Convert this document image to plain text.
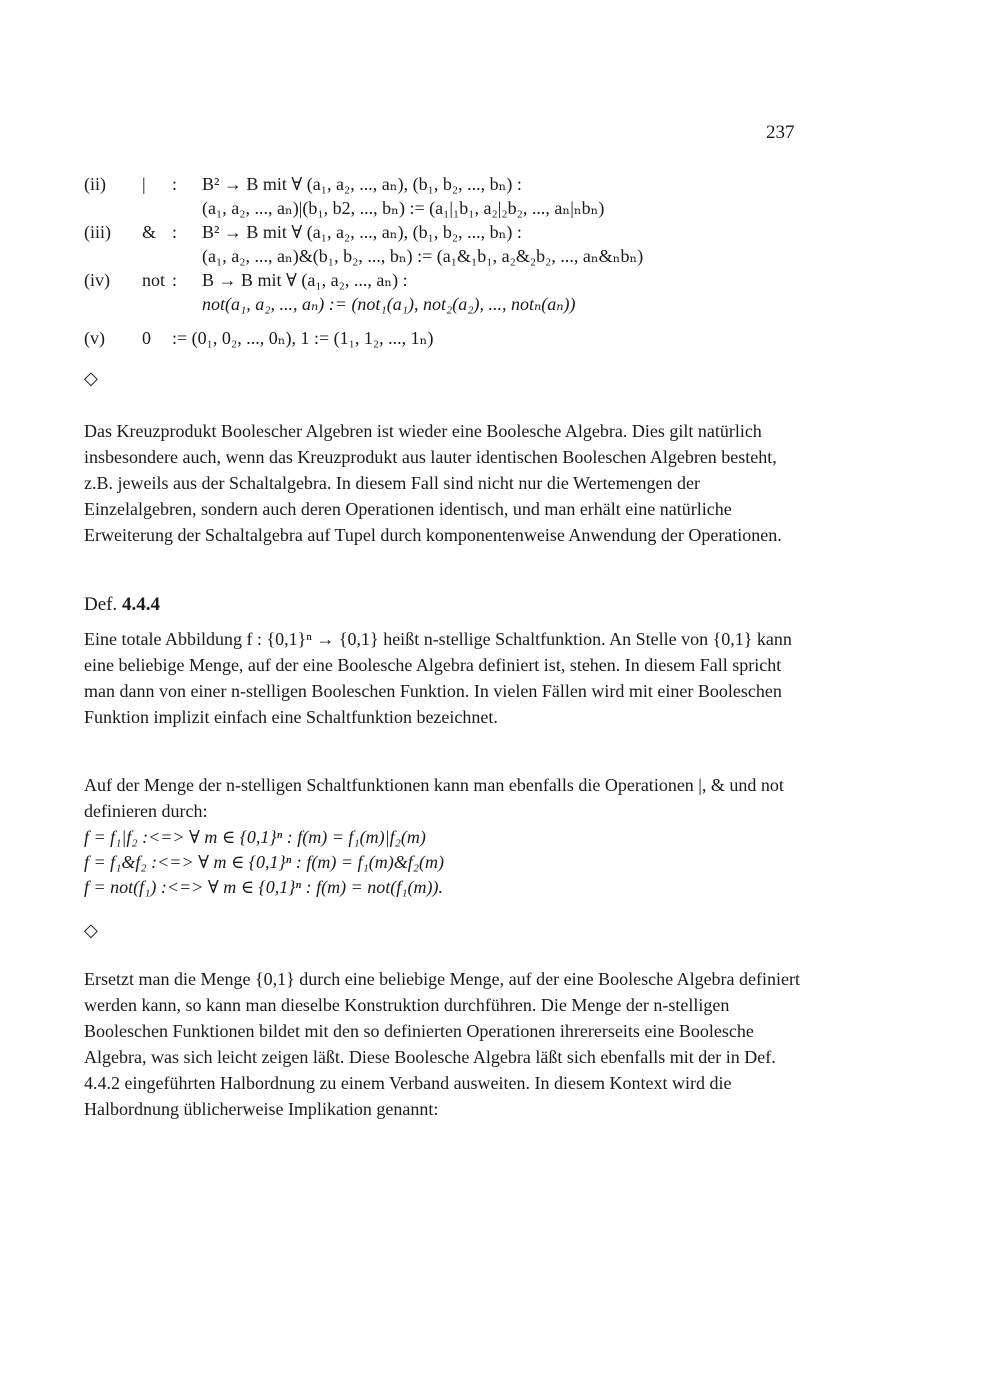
237
(ii)	|	: B² → B mit ∀ (a₁, a₂, ..., aₙ), (b₁, b₂, ..., bₙ) :
(a₁, a₂, ..., aₙ)|(b₁, b2, ..., bₙ) := (a₁|₁b₁, a₂|₂b₂, ..., aₙ|ₙbₙ)
(iii)	& : B² → B mit ∀ (a₁, a₂, ..., aₙ), (b₁, b₂, ..., bₙ) :
(a₁, a₂, ..., aₙ)&(b₁, b₂, ..., bₙ) := (a₁&₁b₁, a₂&₂b₂, ..., aₙ&ₙbₙ)
(iv)	not : B → B mit ∀ (a₁, a₂, ..., aₙ) :
not(a₁, a₂, ..., aₙ) := (not₁(a₁), not₂(a₂), ..., notₙ(aₙ))
(v)	0	:= (0₁, 0₂, ..., 0ₙ), 1 := (1₁, 1₂, ..., 1ₙ)
◇

Das Kreuzprodukt Boolescher Algebren ist wieder eine Boolesche Algebra. Dies gilt natürlich insbesondere auch, wenn das Kreuzprodukt aus lauter identischen Booleschen Algebren besteht, z.B. jeweils aus der Schaltalgebra. In diesem Fall sind nicht nur die Wertemengen der Einzelalgebren, sondern auch deren Operationen identisch, und man erhält eine natürliche Erweiterung der Schaltalgebra auf Tupel durch komponentenweise Anwendung der Operationen.

Def. 4.4.4

Eine totale Abbildung f : {0,1}ⁿ → {0,1} heißt n-stellige Schaltfunktion. An Stelle von {0,1} kann eine beliebige Menge, auf der eine Boolesche Algebra definiert ist, stehen. In diesem Fall spricht man dann von einer n-stelligen Booleschen Funktion. In vielen Fällen wird mit einer Booleschen Funktion implizit einfach eine Schaltfunktion bezeichnet.

Auf der Menge der n-stelligen Schaltfunktionen kann man ebenfalls die Operationen |, & und not definieren durch:

f = f₁|f₂ :<=> ∀ m ∈ {0,1}ⁿ : f(m) = f₁(m)|f₂(m)
f = f₁&f₂ :<=> ∀ m ∈ {0,1}ⁿ : f(m) = f₁(m)&f₂(m)
f = not(f₁) :<=> ∀ m ∈ {0,1}ⁿ : f(m) = not(f₁(m)).
◇

Ersetzt man die Menge {0,1} durch eine beliebige Menge, auf der eine Boolesche Algebra definiert werden kann, so kann man dieselbe Konstruktion durchführen. Die Menge der n-stelligen Booleschen Funktionen bildet mit den so definierten Operationen ihrererseits eine Boolesche Algebra, was sich leicht zeigen läßt. Diese Boolesche Algebra läßt sich ebenfalls mit der in Def. 4.4.2 eingeführten Halbordnung zu einem Verband ausweiten. In diesem Kontext wird die Halbordnung üblicherweise Implikation genannt:
